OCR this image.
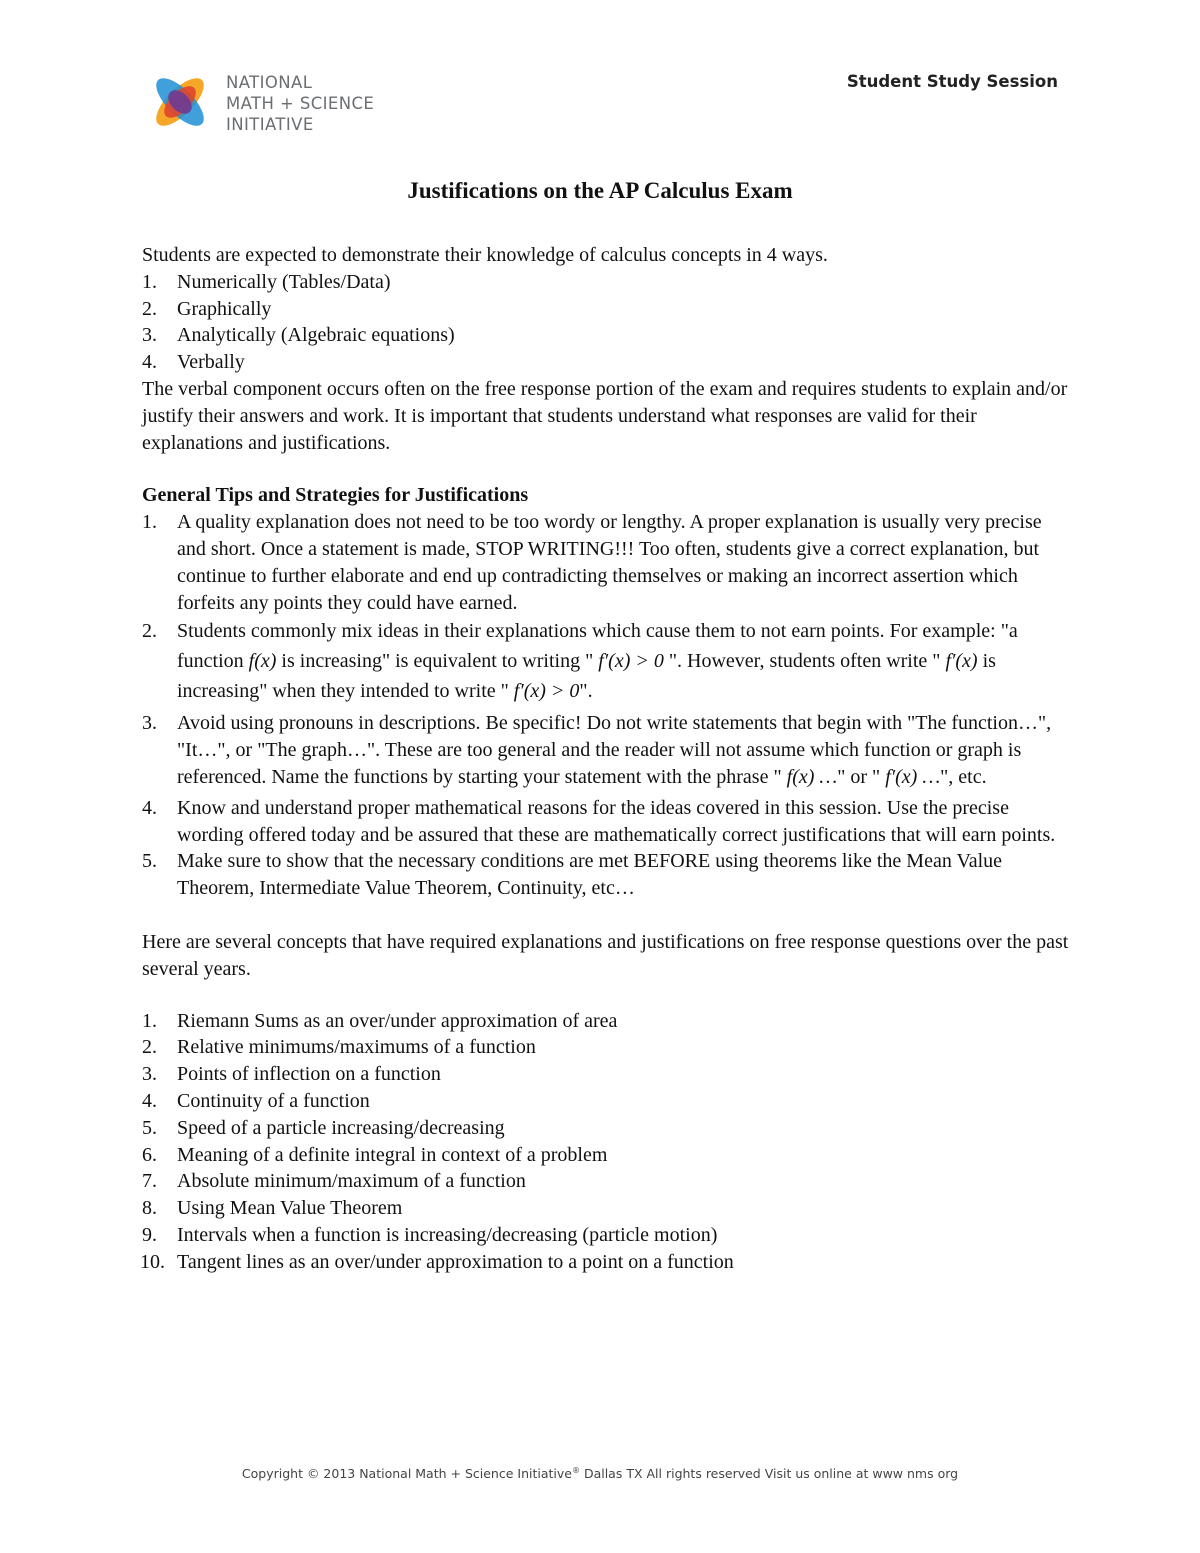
NATIONAL
MATH + SCIENCE
INITIATIVE
Student Study Session
Justifications on the AP Calculus Exam

Students are expected to demonstrate their knowledge of calculus concepts in 4 ways.

1. Numerically (Tables/Data)
2. Graphically
3. Analytically (Algebraic equations)
4. Verbally

The verbal component occurs often on the free response portion of the exam and requires students to explain and/or justify their answers and work. It is important that students understand what responses are valid for their explanations and justifications.

General Tips and Strategies for Justifications
1. A quality explanation does not need to be too wordy or lengthy. A proper explanation is usually very precise and short. Once a statement is made, STOP WRITING!!! Too often, students give a correct explanation, but continue to further elaborate and end up contradicting themselves or making an incorrect assertion which forfeits any points they could have earned.
2. Students commonly mix ideas in their explanations which cause them to not earn points. For example: "a function f(x) is increasing" is equivalent to writing " f′(x) > 0 ". However, students often write " f′(x) is increasing" when they intended to write " f′(x) > 0".
3. Avoid using pronouns in descriptions. Be specific! Do not write statements that begin with "The function…", "It…", or "The graph…". These are too general and the reader will not assume which function or graph is referenced. Name the functions by starting your statement with the phrase " f(x) …" or " f′(x) …", etc.
4. Know and understand proper mathematical reasons for the ideas covered in this session. Use the precise wording offered today and be assured that these are mathematically correct justifications that will earn points.
5. Make sure to show that the necessary conditions are met BEFORE using theorems like the Mean Value Theorem, Intermediate Value Theorem, Continuity, etc…

Here are several concepts that have required explanations and justifications on free response questions over the past several years.

1. Riemann Sums as an over/under approximation of area
2. Relative minimums/maximums of a function
3. Points of inflection on a function
4. Continuity of a function
5. Speed of a particle increasing/decreasing
6. Meaning of a definite integral in context of a problem
7. Absolute minimum/maximum of a function
8. Using Mean Value Theorem
9. Intervals when a function is increasing/decreasing (particle motion)
10. Tangent lines as an over/under approximation to a point on a function
Copyright © 2013 National Math + Science Initiative® Dallas TX All rights reserved Visit us online at www nms org
